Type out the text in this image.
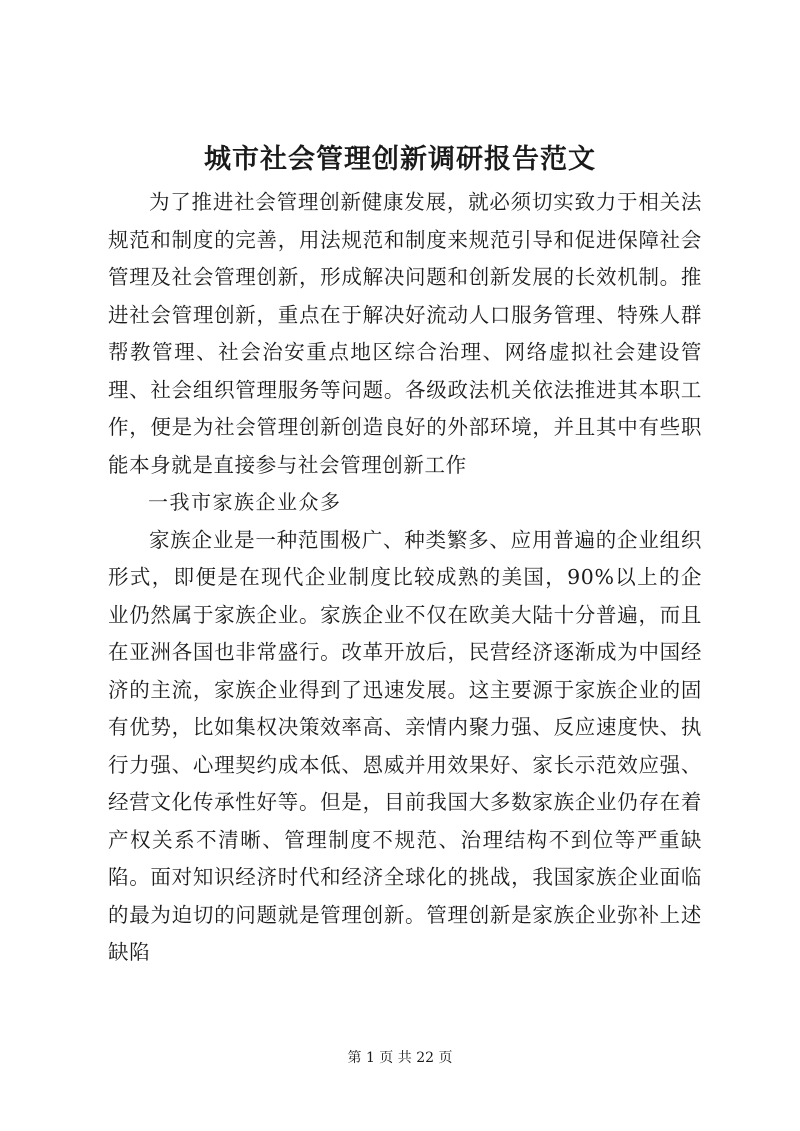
城市社会管理创新调研报告范文

为了推进社会管理创新健康发展，就必须切实致力于相关法规范和制度的完善，用法规范和制度来规范引导和促进保障社会管理及社会管理创新，形成解决问题和创新发展的长效机制。推进社会管理创新，重点在于解决好流动人口服务管理、特殊人群帮教管理、社会治安重点地区综合治理、网络虚拟社会建设管理、社会组织管理服务等问题。各级政法机关依法推进其本职工作，便是为社会管理创新创造良好的外部环境，并且其中有些职能本身就是直接参与社会管理创新工作

一我市家族企业众多

家族企业是一种范围极广、种类繁多、应用普遍的企业组织形式，即便是在现代企业制度比较成熟的美国，90%以上的企业仍然属于家族企业。家族企业不仅在欧美大陆十分普遍，而且在亚洲各国也非常盛行。改革开放后，民营经济逐渐成为中国经济的主流，家族企业得到了迅速发展。这主要源于家族企业的固有优势，比如集权决策效率高、亲情内聚力强、反应速度快、执行力强、心理契约成本低、恩威并用效果好、家长示范效应强、经营文化传承性好等。但是，目前我国大多数家族企业仍存在着产权关系不清晰、管理制度不规范、治理结构不到位等严重缺陷。面对知识经济时代和经济全球化的挑战，我国家族企业面临的最为迫切的问题就是管理创新。管理创新是家族企业弥补上述缺陷

第 1 页 共 22 页
